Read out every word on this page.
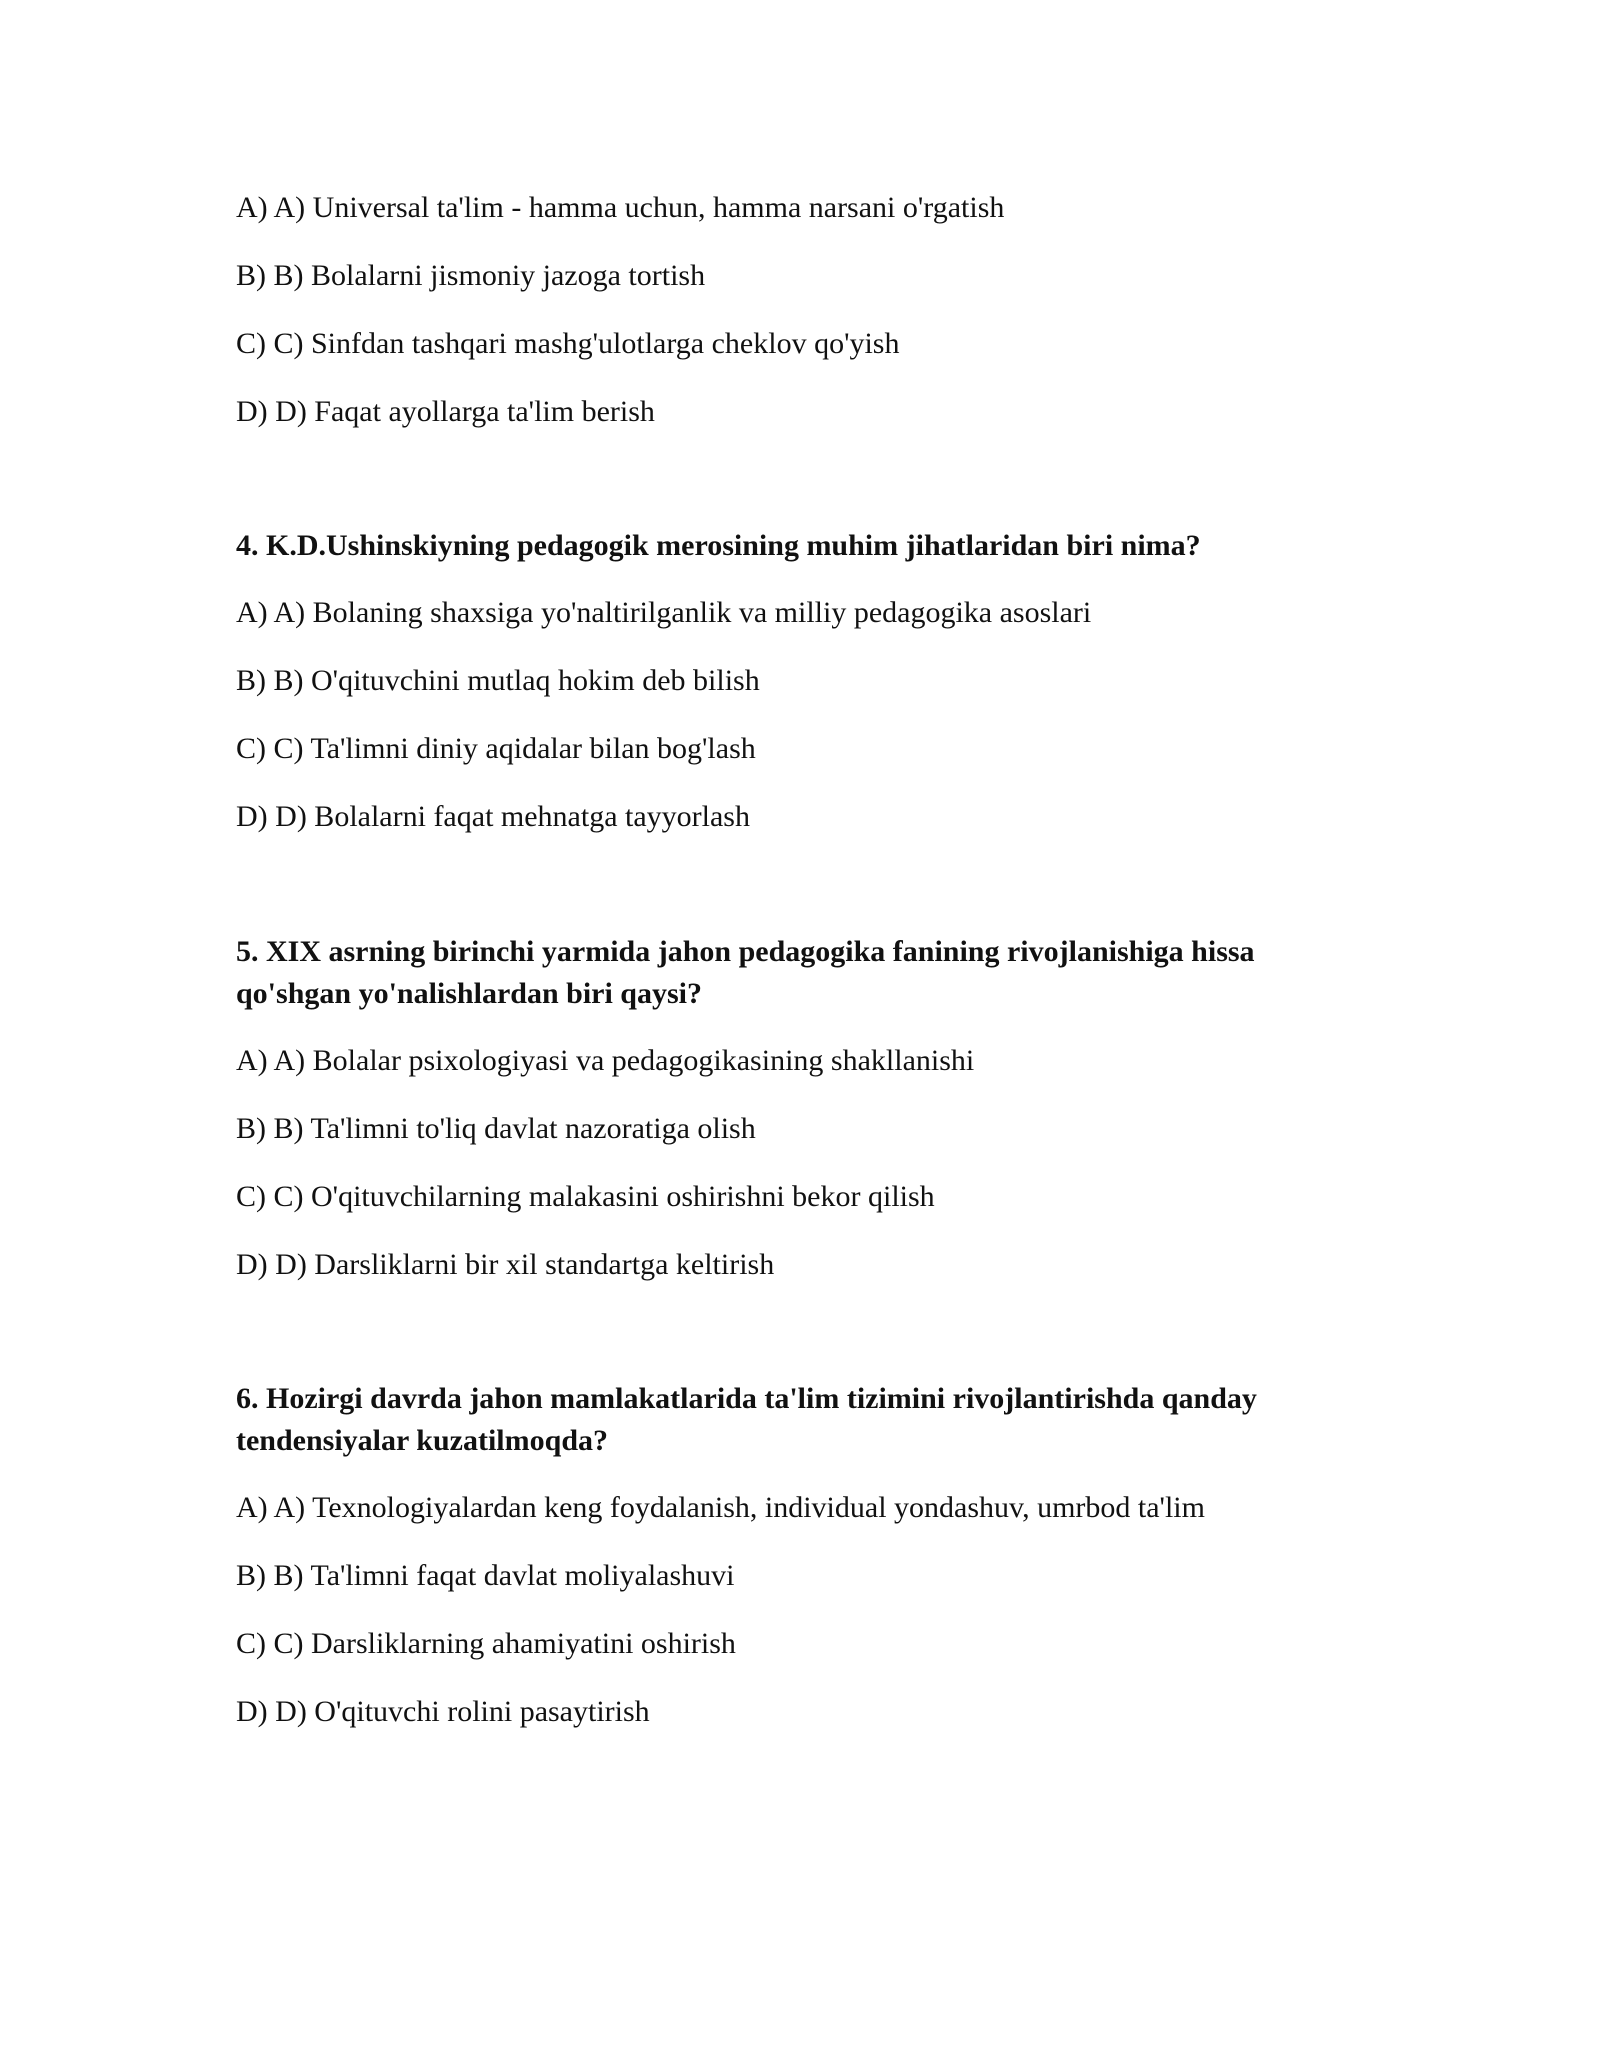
A) A) Universal ta'lim - hamma uchun, hamma narsani o'rgatish

B) B) Bolalarni jismoniy jazoga tortish

C) C) Sinfdan tashqari mashg'ulotlarga cheklov qo'yish

D) D) Faqat ayollarga ta'lim berish

4. K.D.Ushinskiyning pedagogik merosining muhim jihatlaridan biri nima?

A) A) Bolaning shaxsiga yo'naltirilganlik va milliy pedagogika asoslari

B) B) O'qituvchini mutlaq hokim deb bilish

C) C) Ta'limni diniy aqidalar bilan bog'lash

D) D) Bolalarni faqat mehnatga tayyorlash

5. XIX asrning birinchi yarmida jahon pedagogika fanining rivojlanishiga hissa qo'shgan yo'nalishlardan biri qaysi?

A) A) Bolalar psixologiyasi va pedagogikasining shakllanishi

B) B) Ta'limni to'liq davlat nazoratiga olish

C) C) O'qituvchilarning malakasini oshirishni bekor qilish

D) D) Darsliklarni bir xil standartga keltirish

6. Hozirgi davrda jahon mamlakatlarida ta'lim tizimini rivojlantirishda qanday tendensiyalar kuzatilmoqda?

A) A) Texnologiyalardan keng foydalanish, individual yondashuv, umrbod ta'lim

B) B) Ta'limni faqat davlat moliyalashuvi

C) C) Darsliklarning ahamiyatini oshirish

D) D) O'qituvchi rolini pasaytirish
